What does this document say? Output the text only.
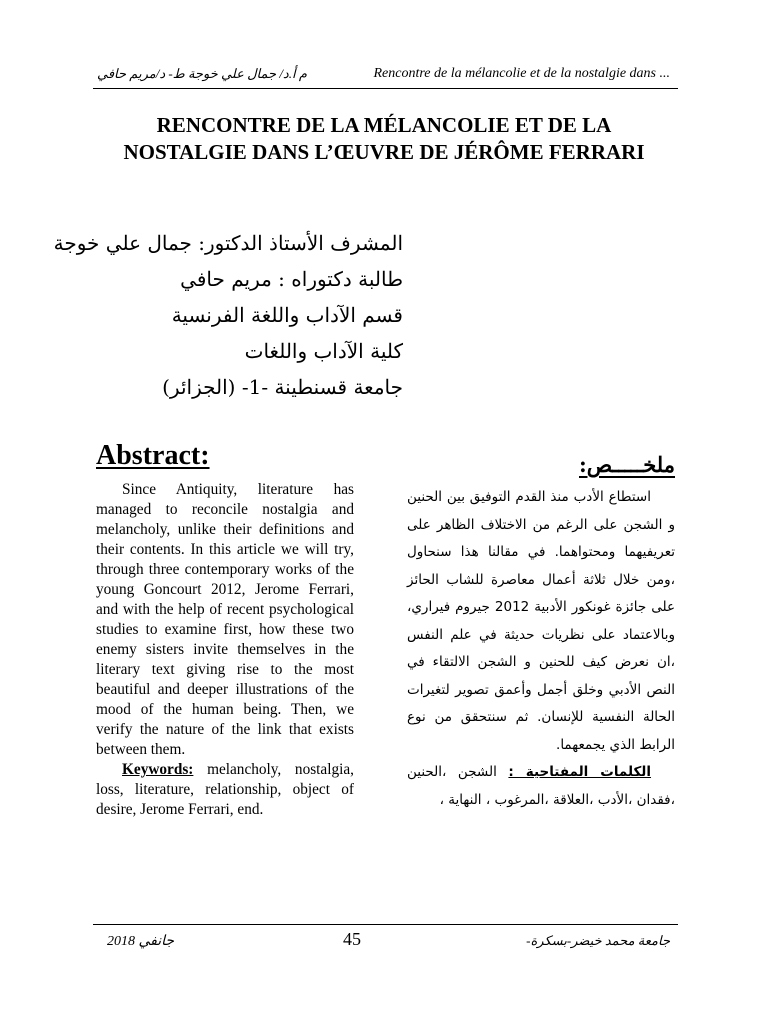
م أ.د/ جمال علي خوجة ط- د/مريم حافي	Rencontre de la mélancolie et de la nostalgie dans ...
RENCONTRE DE LA MÉLANCOLIE ET DE LA NOSTALGIE DANS L’ŒUVRE DE JÉRÔME FERRARI
المشرف الأستاذ الدكتور: جمال علي خوجة
طالبة دكتوراه : مريم حافي
قسم الآداب واللغة الفرنسية
كلية الآداب واللغات
جامعة قسنطينة -1- (الجزائر)
Abstract:

Since Antiquity, literature has managed to reconcile nostalgia and melancholy, unlike their definitions and their contents. In this article we will try, through three contemporary works of the young Goncourt 2012, Jerome Ferrari, and with the help of recent psychological studies to examine first, how these two enemy sisters invite themselves in the literary text giving rise to the most beautiful and deeper illustrations of the mood of the human being. Then, we verify the nature of the link that exists between them.

Keywords: melancholy, nostalgia, loss, literature, relationship, object of desire, Jerome Ferrari, end.

ملخـــــص:

استطاع الأدب منذ القدم التوفيق بين الحنين و الشجن على الرغم من الاختلاف الظاهر على تعريفيهما ومحتواهما. في مقالنا هذا سنحاول ،ومن خلال ثلاثة أعمال معاصرة للشاب الحائز على جائزة غونكور الأدبية 2012 جيروم فيراري، وبالاعتماد على نظريات حديثة في علم النفس ،ان نعرض كيف للحنين و الشجن الالتقاء في النص الأدبي وخلق أجمل وأعمق تصوير لتغيرات الحالة النفسية للإنسان. ثم سنتحقق من نوع الرابط الذي يجمعهما.

الكلمات المفتاحية : الشجن ،الحنين ،فقدان ،الأدب ،العلاقة ،المرغوب ، النهاية ،

جانفي 2018	45	جامعة محمد خيضر-بسكرة-
